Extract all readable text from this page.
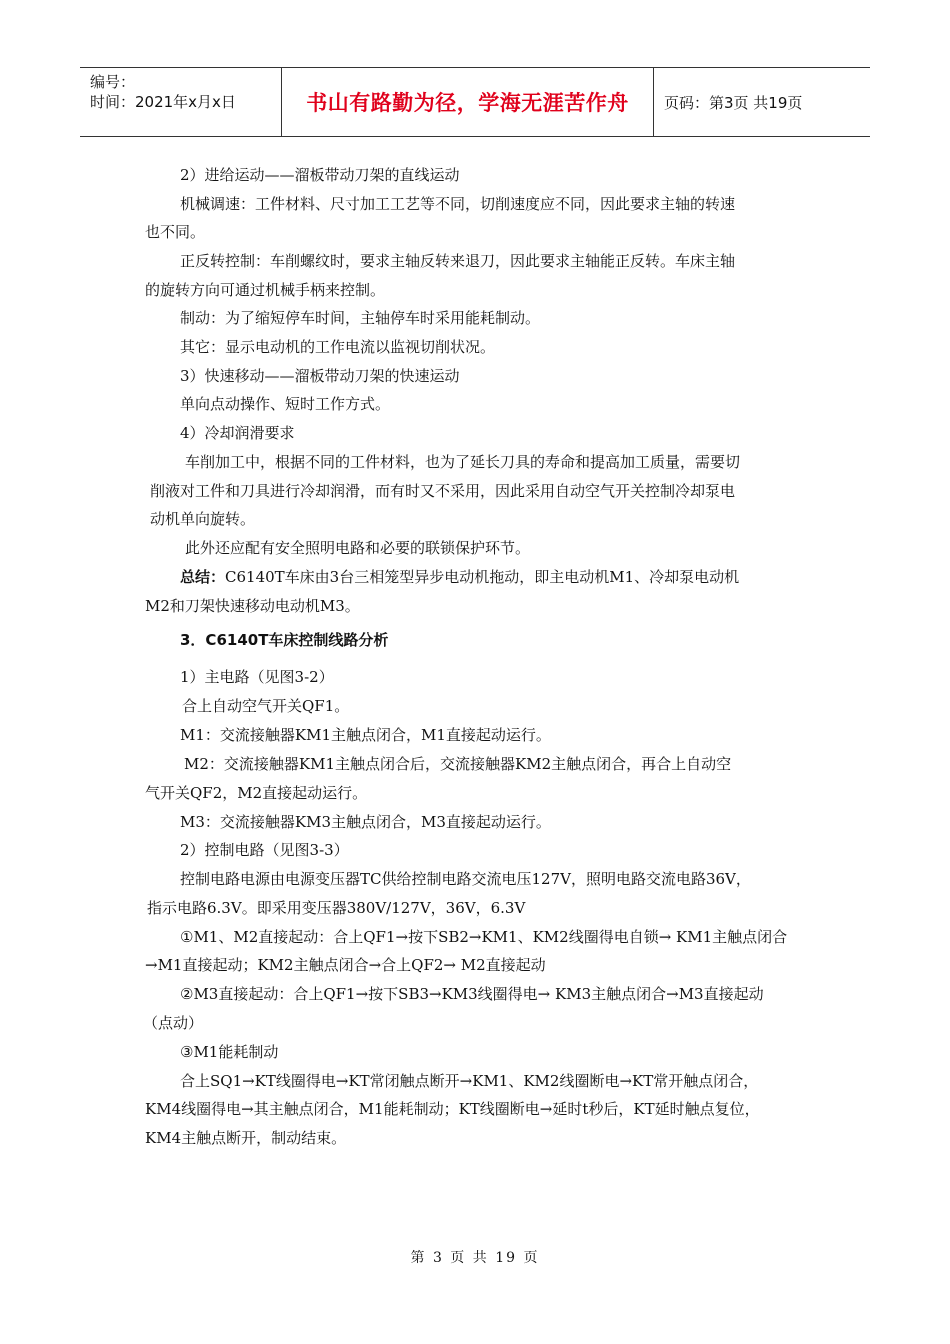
编号：
时间：2021年x月x日	书山有路勤为径，学海无涯苦作舟	页码：第3页 共19页
2）进给运动——溜板带动刀架的直线运动
机械调速：工件材料、尺寸加工工艺等不同，切削速度应不同，因此要求主轴的转速
也不同。
正反转控制：车削螺纹时，要求主轴反转来退刀，因此要求主轴能正反转。车床主轴
的旋转方向可通过机械手柄来控制。
制动：为了缩短停车时间，主轴停车时采用能耗制动。
其它：显示电动机的工作电流以监视切削状况。
3）快速移动——溜板带动刀架的快速运动
单向点动操作、短时工作方式。
4）冷却润滑要求
车削加工中，根据不同的工件材料，也为了延长刀具的寿命和提高加工质量，需要切
削液对工件和刀具进行冷却润滑，而有时又不采用，因此采用自动空气开关控制冷却泵电
动机单向旋转。
此外还应配有安全照明电路和必要的联锁保护环节。
总结：C6140T车床由3台三相笼型异步电动机拖动，即主电动机M1、冷却泵电动机
M2和刀架快速移动电动机M3。
3．C6140T车床控制线路分析
1）主电路（见图3-2）
合上自动空气开关QF1。
M1：交流接触器KM1主触点闭合，M1直接起动运行。
M2：交流接触器KM1主触点闭合后，交流接触器KM2主触点闭合，再合上自动空
气开关QF2，M2直接起动运行。
M3：交流接触器KM3主触点闭合，M3直接起动运行。
2）控制电路（见图3-3）
控制电路电源由电源变压器TC供给控制电路交流电压127V，照明电路交流电路36V，
指示电路6.3V。即采用变压器380V/127V，36V，6.3V
①M1、M2直接起动：合上QF1→按下SB2→KM1、KM2线圈得电自锁→ KM1主触点闭合
→M1直接起动；KM2主触点闭合→合上QF2→ M2直接起动
②M3直接起动：合上QF1→按下SB3→KM3线圈得电→ KM3主触点闭合→M3直接起动
（点动）
③M1能耗制动
合上SQ1→KT线圈得电→KT常闭触点断开→KM1、KM2线圈断电→KT常开触点闭合，
KM4线圈得电→其主触点闭合，M1能耗制动；KT线圈断电→延时t秒后，KT延时触点复位，
KM4主触点断开，制动结束。
第 3 页 共 19 页
